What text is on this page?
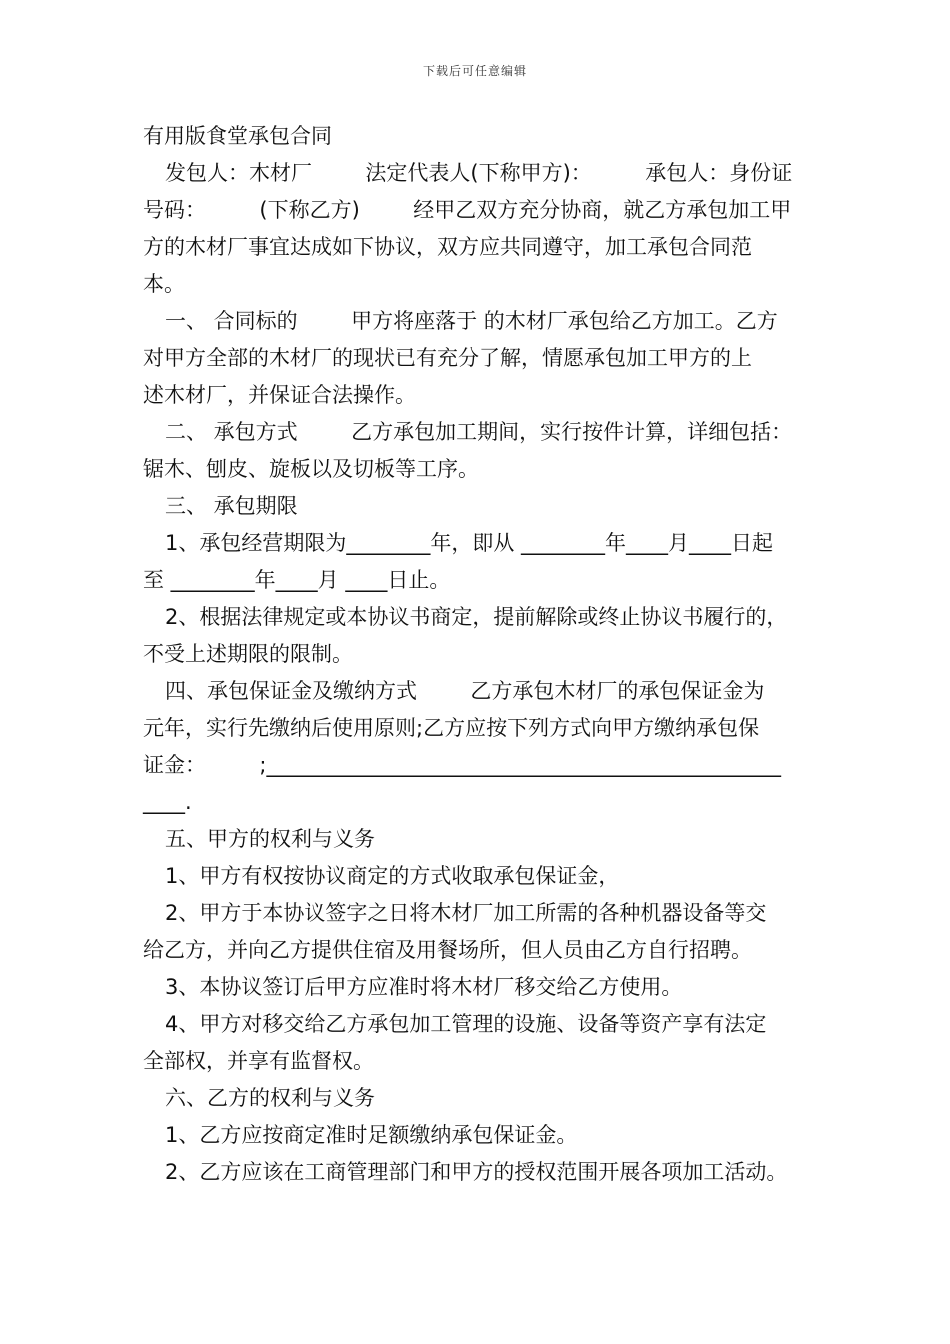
下载后可任意编辑
有用版食堂承包合同
发包人：木材厂        法定代表人(下称甲方)：        承包人：身份证
号码：        (下称乙方)        经甲乙双方充分协商，就乙方承包加工甲
方的木材厂事宜达成如下协议，双方应共同遵守，加工承包合同范
本。
一、 合同标的        甲方将座落于 的木材厂承包给乙方加工。乙方
对甲方全部的木材厂的现状已有充分了解，情愿承包加工甲方的上
述木材厂，并保证合法操作。
二、 承包方式        乙方承包加工期间，实行按件计算，详细包括：
锯木、刨皮、旋板以及切板等工序。
三、 承包期限
1、承包经营期限为________年，即从 ________年____月____日起
至 ________年____月 ____日止。
2、根据法律规定或本协议书商定，提前解除或终止协议书履行的，
不受上述期限的限制。
四、承包保证金及缴纳方式        乙方承包木材厂的承包保证金为
元年，实行先缴纳后使用原则;乙方应按下列方式向甲方缴纳承包保
证金：        ;_________________________________________________
____.
五、甲方的权利与义务
1、甲方有权按协议商定的方式收取承包保证金，
2、甲方于本协议签字之日将木材厂加工所需的各种机器设备等交
给乙方，并向乙方提供住宿及用餐场所，但人员由乙方自行招聘。
3、本协议签订后甲方应准时将木材厂移交给乙方使用。
4、甲方对移交给乙方承包加工管理的设施、设备等资产享有法定
全部权，并享有监督权。
六、乙方的权利与义务
1、乙方应按商定准时足额缴纳承包保证金。
2、乙方应该在工商管理部门和甲方的授权范围开展各项加工活动。
